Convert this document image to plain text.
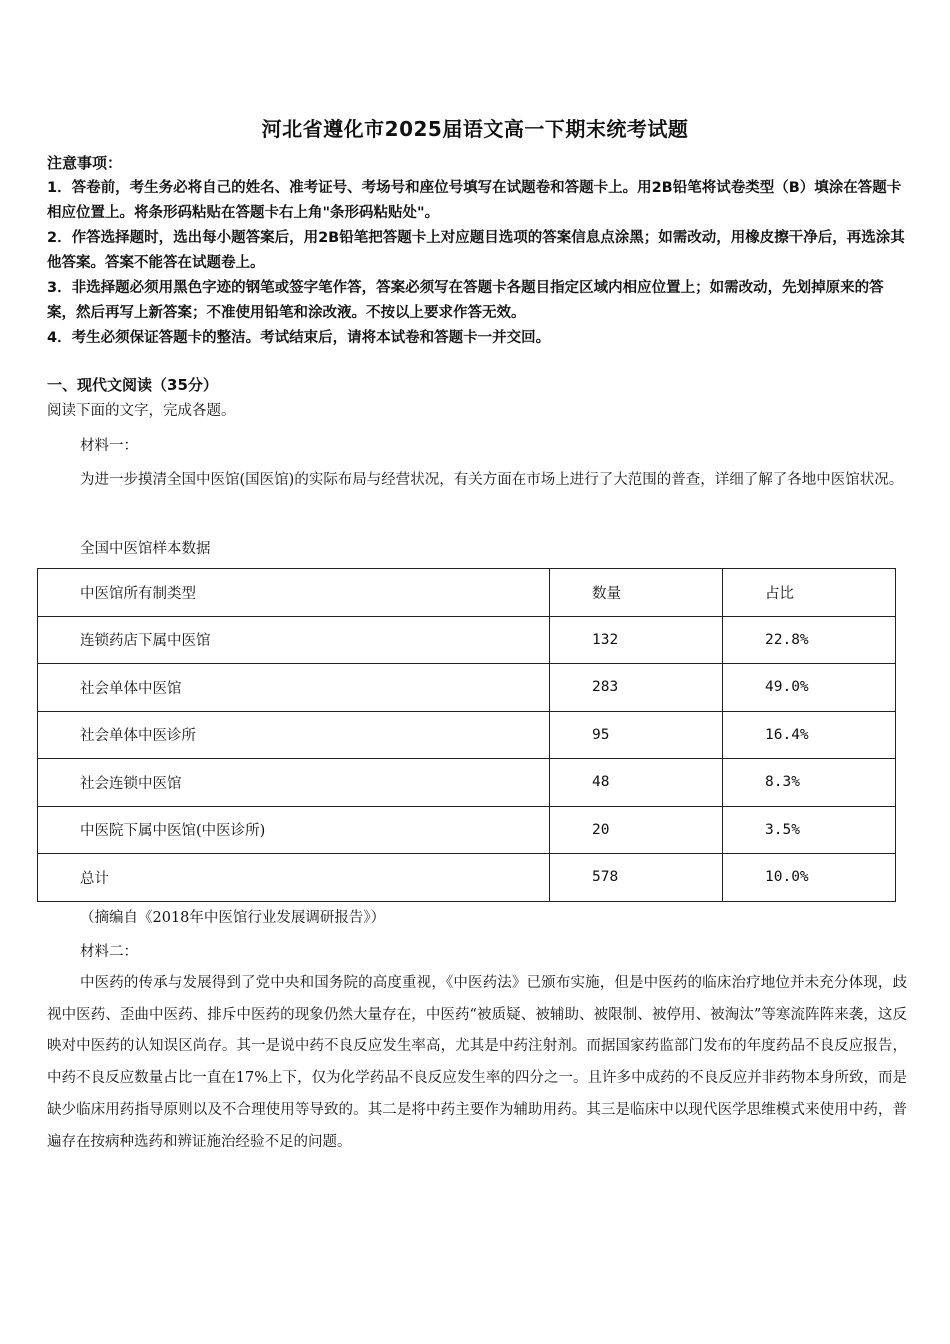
河北省遵化市2025届语文高一下期末统考试题
注意事项：

1．答卷前，考生务必将自己的姓名、准考证号、考场号和座位号填写在试题卷和答题卡上。用2B铅笔将试卷类型（B）填涂在答题卡相应位置上。将条形码粘贴在答题卡右上角"条形码粘贴处"。

2．作答选择题时，选出每小题答案后，用2B铅笔把答题卡上对应题目选项的答案信息点涂黑；如需改动，用橡皮擦干净后，再选涂其他答案。答案不能答在试题卷上。

3．非选择题必须用黑色字迹的钢笔或签字笔作答，答案必须写在答题卡各题目指定区域内相应位置上；如需改动，先划掉原来的答案，然后再写上新答案；不准使用铅笔和涂改液。不按以上要求作答无效。

4．考生必须保证答题卡的整洁。考试结束后，请将本试卷和答题卡一并交回。

一、现代文阅读（35分）
阅读下面的文字，完成各题。
材料一：
为进一步摸清全国中医馆(国医馆)的实际布局与经营状况，有关方面在市场上进行了大范围的普查，详细了解了各地中医馆状况。
全国中医馆样本数据
中医馆所有制类型	数量	占比
连锁药店下属中医馆	132	22.8%
社会单体中医馆	283	49.0%
社会单体中医诊所	95	16.4%
社会连锁中医馆	48	8.3%
中医院下属中医馆(中医诊所)	20	3.5%
总计	578	10.0%
（摘编自《2018年中医馆行业发展调研报告》）
材料二：
中医药的传承与发展得到了党中央和国务院的高度重视，《中医药法》已颁布实施，但是中医药的临床治疗地位并未充分体现，歧视中医药、歪曲中医药、排斥中医药的现象仍然大量存在，中医药“被质疑、被辅助、被限制、被停用、被淘汰”等寒流阵阵来袭，这反映对中医药的认知误区尚存。其一是说中药不良反应发生率高，尤其是中药注射剂。而据国家药监部门发布的年度药品不良反应报告，中药不良反应数量占比一直在17%上下，仅为化学药品不良反应发生率的四分之一。且许多中成药的不良反应并非药物本身所致，而是缺少临床用药指导原则以及不合理使用等导致的。其二是将中药主要作为辅助用药。其三是临床中以现代医学思维模式来使用中药，普遍存在按病种选药和辨证施治经验不足的问题。
